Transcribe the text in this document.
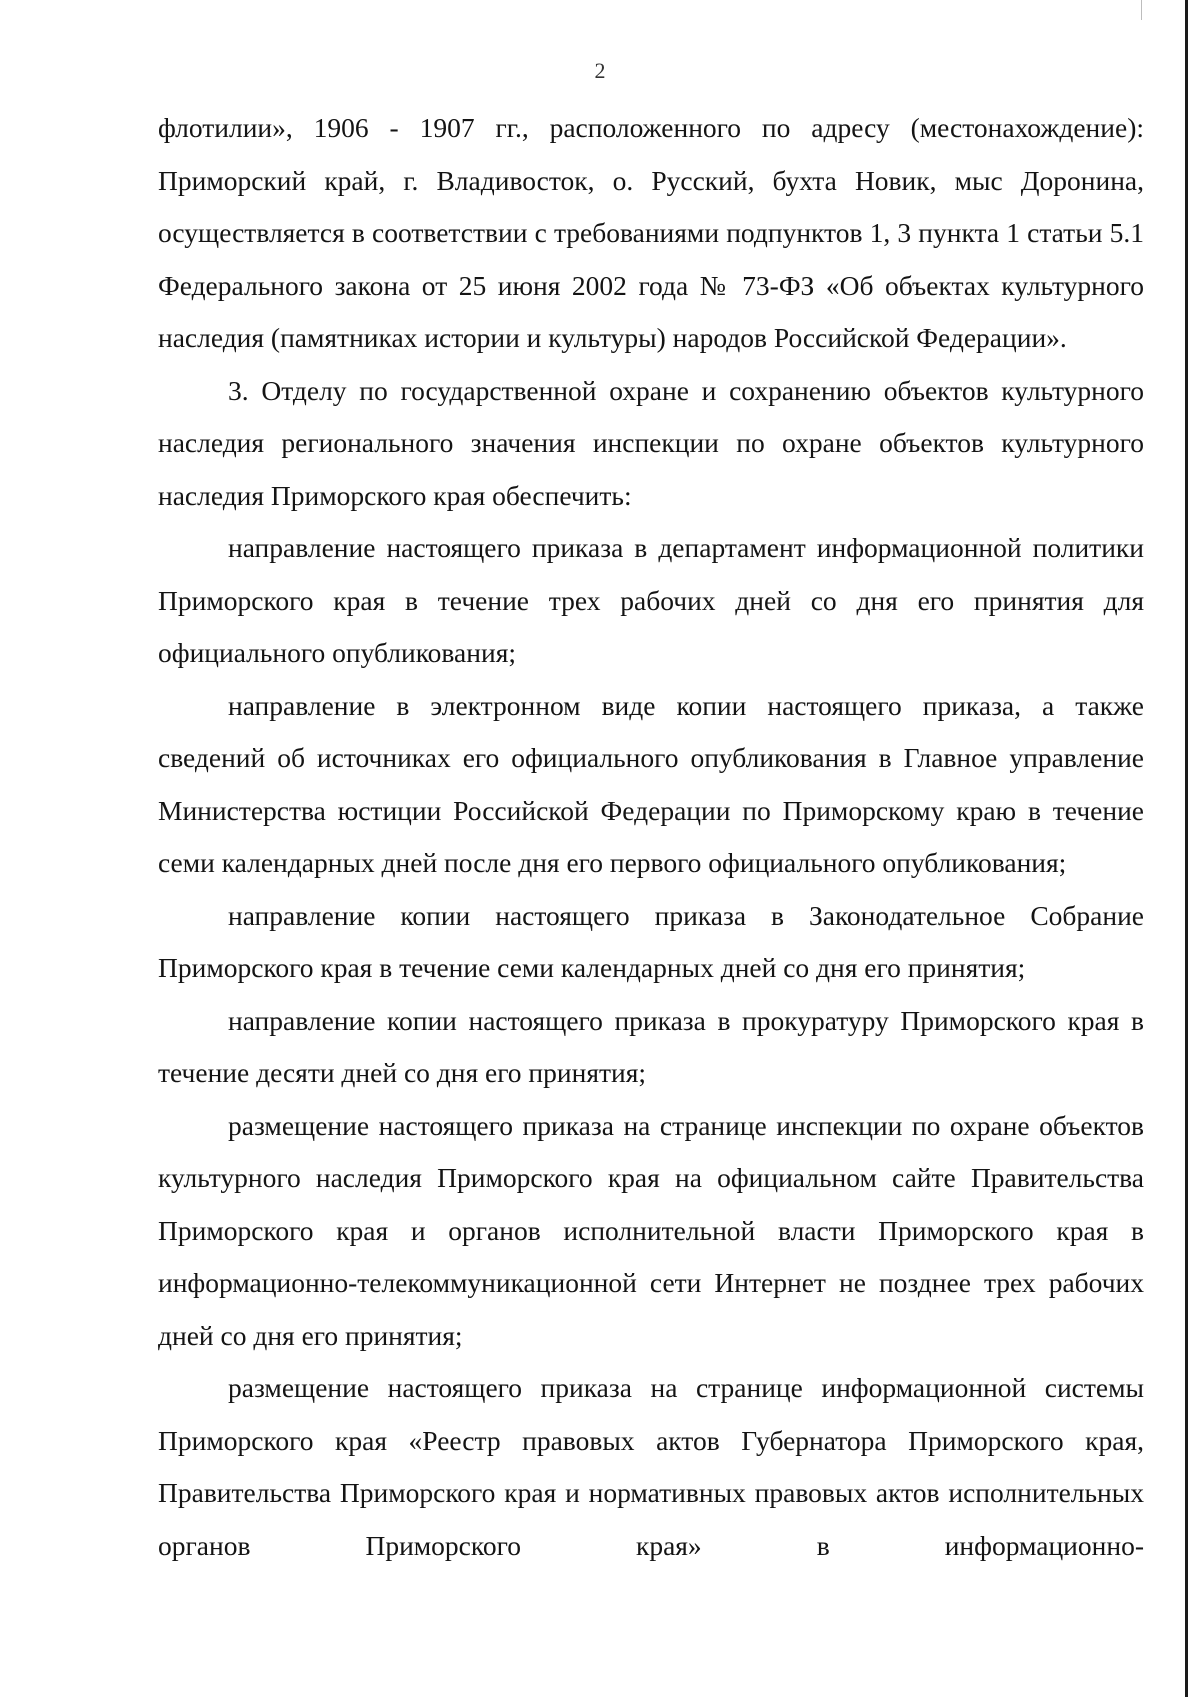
2

флотилии», 1906 - 1907 гг., расположенного по адресу (местонахождение): Приморский край, г. Владивосток, о. Русский, бухта Новик, мыс Доронина, осуществляется в соответствии с требованиями подпунктов 1, 3 пункта 1 статьи 5.1 Федерального закона от 25 июня 2002 года № 73-ФЗ «Об объектах культурного наследия (памятниках истории и культуры) народов Российской Федерации».

3. Отделу по государственной охране и сохранению объектов культурного наследия регионального значения инспекции по охране объектов культурного наследия Приморского края обеспечить:

направление настоящего приказа в департамент информационной политики Приморского края в течение трех рабочих дней со дня его принятия для официального опубликования;

направление в электронном виде копии настоящего приказа, а также сведений об источниках его официального опубликования в Главное управление Министерства юстиции Российской Федерации по Приморскому краю в течение семи календарных дней после дня его первого официального опубликования;

направление копии настоящего приказа в Законодательное Собрание Приморского края в течение семи календарных дней со дня его принятия;

направление копии настоящего приказа в прокуратуру Приморского края в течение десяти дней со дня его принятия;

размещение настоящего приказа на странице инспекции по охране объектов культурного наследия Приморского края на официальном сайте Правительства Приморского края и органов исполнительной власти Приморского края в информационно-телекоммуникационной сети Интернет не позднее трех рабочих дней со дня его принятия;

размещение настоящего приказа на странице информационной системы Приморского края «Реестр правовых актов Губернатора Приморского края, Правительства Приморского края и нормативных правовых актов исполнительных органов Приморского края» в информационно-
